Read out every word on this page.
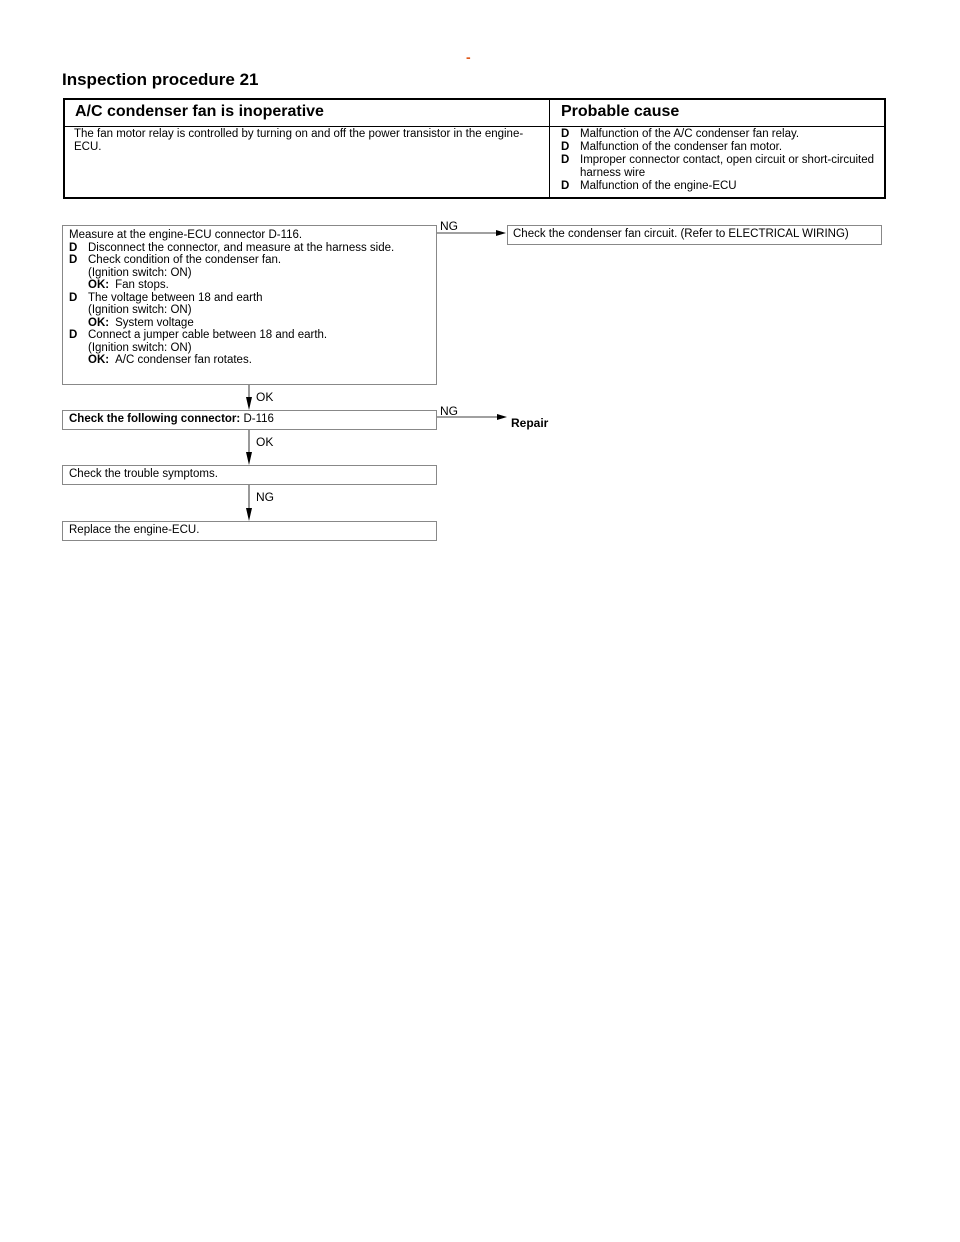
-
Inspection procedure 21
A/C condenser fan is inoperative	Probable cause
The fan motor relay is controlled by turning on and off the power transistor in the engine-ECU.
D Malfunction of the A/C condenser fan relay.
D Malfunction of the condenser fan motor.
D Improper connector contact, open circuit or short-circuited harness wire
D Malfunction of the engine-ECU
Measure at the engine-ECU connector D-116.
D Disconnect the connector, and measure at the harness side.
D Check condition of the condenser fan.
(Ignition switch: ON)
OK: Fan stops.
D The voltage between 18 and earth
(Ignition switch: ON)
OK: System voltage
D Connect a jumper cable between 18 and earth.
(Ignition switch: ON)
OK: A/C condenser fan rotates.
NG
Check the condenser fan circuit. (Refer to ELECTRICAL WIRING)
OK
Check the following connector: D-116
NG
Repair
OK
Check the trouble symptoms.
NG
Replace the engine-ECU.
